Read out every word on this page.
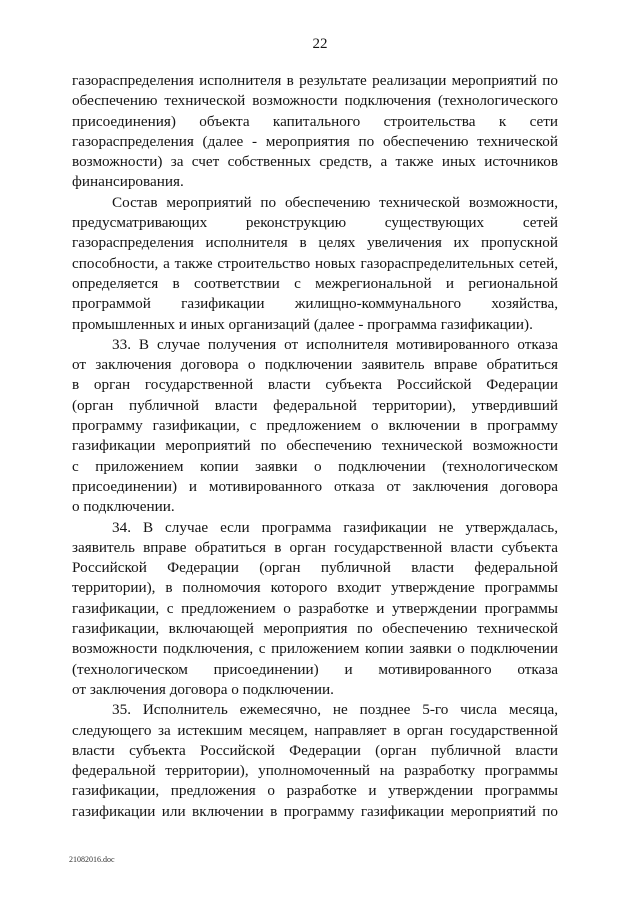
22

газораспределения исполнителя в результате реализации мероприятий по
обеспечению технической возможности подключения (технологического
присоединения) объекта капитального строительства к сети
газораспределения (далее - мероприятия по обеспечению технической
возможности) за счет собственных средств, а также иных источников
финансирования.

Состав мероприятий по обеспечению технической возможности,
предусматривающих реконструкцию существующих сетей
газораспределения исполнителя в целях увеличения их пропускной
способности, а также строительство новых газораспределительных сетей,
определяется в соответствии с межрегиональной и региональной
программой газификации жилищно-коммунального хозяйства,
промышленных и иных организаций (далее - программа газификации).

33. В случае получения от исполнителя мотивированного отказа
от заключения договора о подключении заявитель вправе обратиться
в орган государственной власти субъекта Российской Федерации
(орган публичной власти федеральной территории), утвердивший
программу газификации, с предложением о включении в программу
газификации мероприятий по обеспечению технической возможности
с приложением копии заявки о подключении (технологическом
присоединении) и мотивированного отказа от заключения договора
о подключении.

34. В случае если программа газификации не утверждалась,
заявитель вправе обратиться в орган государственной власти субъекта
Российской Федерации (орган публичной власти федеральной
территории), в полномочия которого входит утверждение программы
газификации, с предложением о разработке и утверждении программы
газификации, включающей мероприятия по обеспечению технической
возможности подключения, с приложением копии заявки о подключении
(технологическом присоединении) и мотивированного отказа
от заключения договора о подключении.

35. Исполнитель ежемесячно, не позднее 5-го числа месяца,
следующего за истекшим месяцем, направляет в орган государственной
власти субъекта Российской Федерации (орган публичной власти
федеральной территории), уполномоченный на разработку программы
газификации, предложения о разработке и утверждении программы
газификации или включении в программу газификации мероприятий по

21082016.doc
